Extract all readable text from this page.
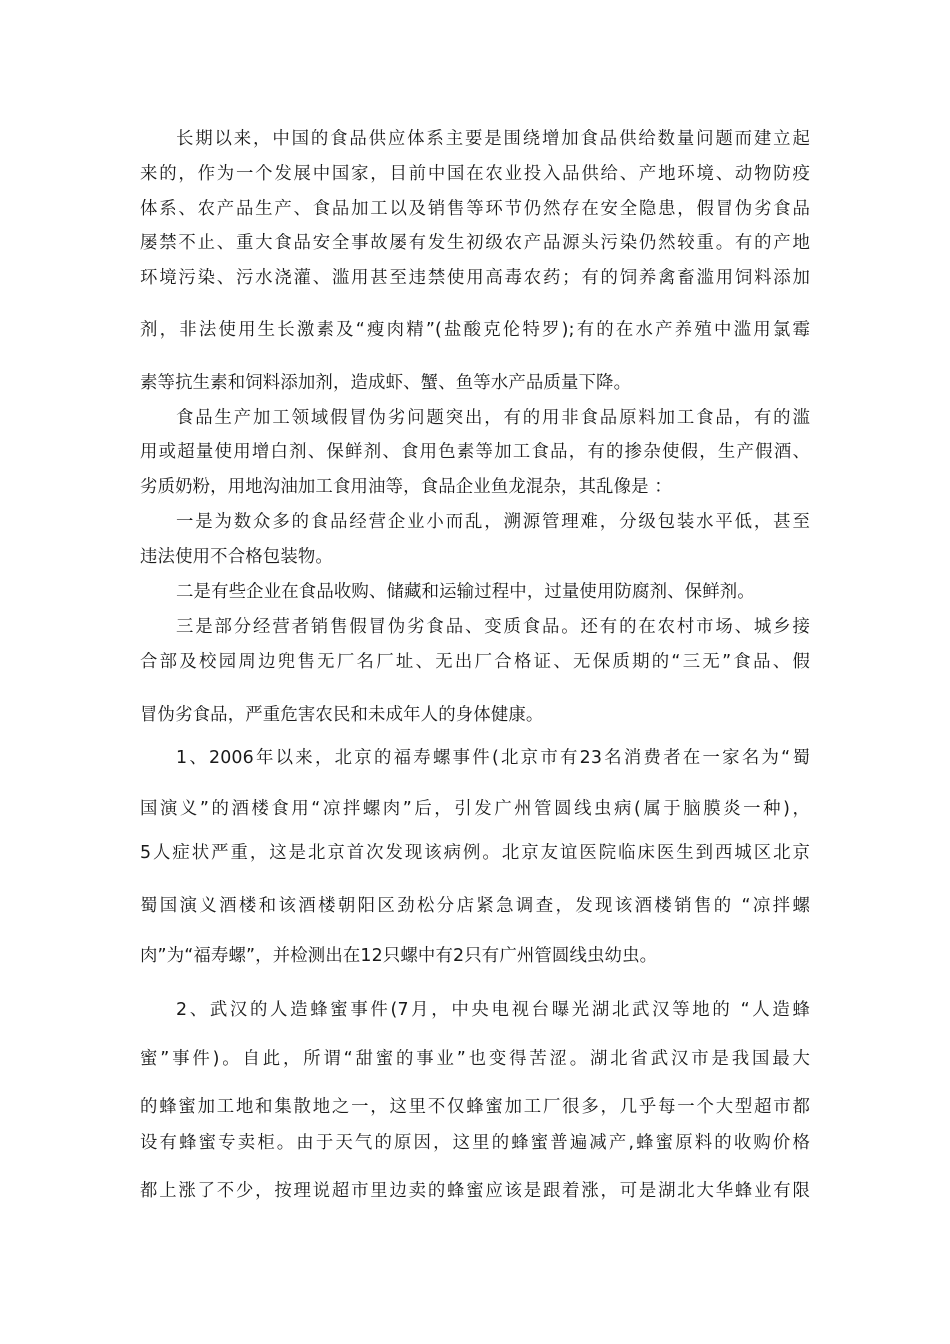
长期以来，中国的食品供应体系主要是围绕增加食品供给数量问题而建立起
来的，作为一个发展中国家，目前中国在农业投入品供给、产地环境、动物防疫
体系、农产品生产、食品加工以及销售等环节仍然存在安全隐患，假冒伪劣食品
屡禁不止、重大食品安全事故屡有发生初级农产品源头污染仍然较重。有的产地
环境污染、污水浇灌、滥用甚至违禁使用高毒农药；有的饲养禽畜滥用饲料添加
剂，非法使用生长激素及“瘦肉精”(盐酸克伦特罗);有的在水产养殖中滥用氯霉
素等抗生素和饲料添加剂，造成虾、蟹、鱼等水产品质量下降。
食品生产加工领域假冒伪劣问题突出，有的用非食品原料加工食品，有的滥
用或超量使用增白剂、保鲜剂、食用色素等加工食品，有的掺杂使假，生产假酒、
劣质奶粉，用地沟油加工食用油等，食品企业鱼龙混杂，其乱像是 ：
一是为数众多的食品经营企业小而乱，溯源管理难，分级包装水平低，甚至
违法使用不合格包装物。
二是有些企业在食品收购、储藏和运输过程中，过量使用防腐剂、保鲜剂。
三是部分经营者销售假冒伪劣食品、变质食品。还有的在农村市场、城乡接
合部及校园周边兜售无厂名厂址、无出厂合格证、无保质期的“三无”食品、假
冒伪劣食品，严重危害农民和未成年人的身体健康。
1、2006年以来，北京的福寿螺事件(北京市有23名消费者在一家名为“蜀
国演义”的酒楼食用“凉拌螺肉”后，引发广州管圆线虫病(属于脑膜炎一种)，
5人症状严重，这是北京首次发现该病例。北京友谊医院临床医生到西城区北京
蜀国演义酒楼和该酒楼朝阳区劲松分店紧急调查，发现该酒楼销售的 “凉拌螺
肉”为“福寿螺”，并检测出在12只螺中有2只有广州管圆线虫幼虫。
2、武汉的人造蜂蜜事件(7月，中央电视台曝光湖北武汉等地的 “人造蜂
蜜”事件)。自此，所谓“甜蜜的事业”也变得苦涩。湖北省武汉市是我国最大
的蜂蜜加工地和集散地之一，这里不仅蜂蜜加工厂很多，几乎每一个大型超市都
设有蜂蜜专卖柜。由于天气的原因，这里的蜂蜜普遍减产,蜂蜜原料的收购价格
都上涨了不少，按理说超市里边卖的蜂蜜应该是跟着涨，可是湖北大华蜂业有限
